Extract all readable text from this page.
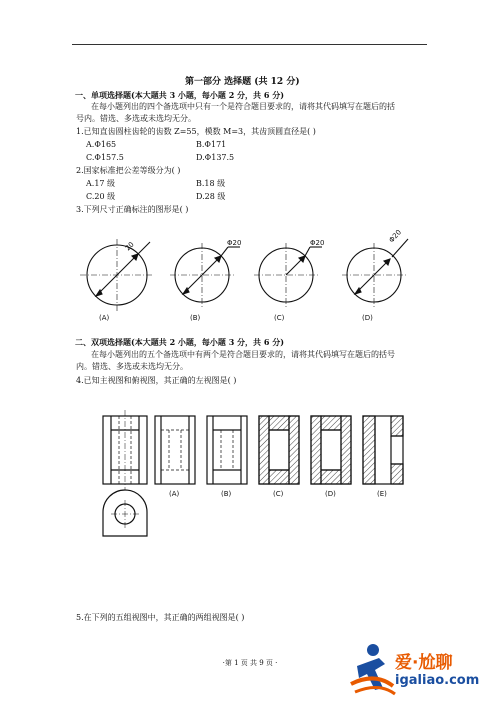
第一部分 选择题 (共 12 分)
一、单项选择题(本大题共 3 小题，每小题 2 分，共 6 分)
在每小题列出的四个备选项中只有一个是符合题目要求的，请将其代码填写在题后的括
号内。错选、多选或未选均无分。
1.已知直齿圆柱齿轮的齿数 Z=55，模数 M=3，其齿顶圆直径是( )
A.Φ165	B.Φ171
C.Φ157.5	D.Φ137.5
2.国家标准把公差等级分为( )
A.17 级	B.18 级
C.20 级	D.28 级
3.下列尺寸正确标注的图形是( )
20	Φ20	Φ20	Φ20
(A)	(B)	(C)	(D)
二、双项选择题(本大题共 2 小题，每小题 3 分，共 6 分)
在每小题列出的五个备选项中有两个是符合题目要求的，请将其代码填写在题后的括号
内。错选、多选或未选均无分。
4.已知主视图和俯视图，其正确的左视图是( )
(A)	(B)	(C)	(D)	(E)
5.在下列的五组视图中，其正确的两组视图是( )
·第 1 页 共 9 页 ·	爱·尬聊
igaliao.com
